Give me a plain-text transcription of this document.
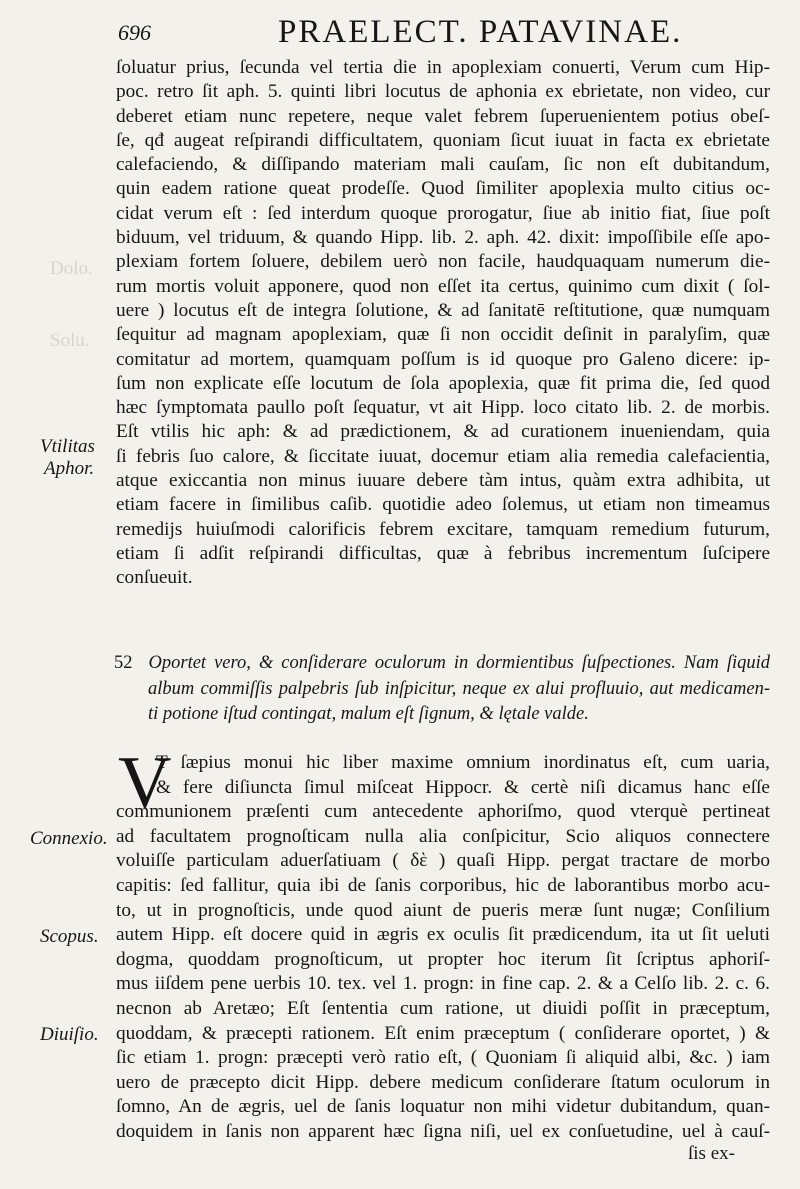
696	PRAELECT. PATAVINAE.
Dolo.
Solu.
ſoluatur prius, ſecunda vel tertia die in apoplexiam conuerti, Verum cum Hip-
poc. retro ſit aph. 5. quinti libri locutus de aphonia ex ebrietate, non video, cur
deberet etiam nunc repetere, neque valet febrem ſuperuenientem potius obeſ-
ſe, qđ augeat reſpirandi difficultatem, quoniam ſicut iuuat in facta ex ebrietate
calefaciendo, & diſſipando materiam mali cauſam, ſic non eſt dubitandum,
quin eadem ratione queat prodeſſe. Quod ſimiliter apoplexia multo citius oc-
cidat verum eſt : ſed interdum quoque prorogatur, ſiue ab initio fiat, ſiue poſt
biduum, vel triduum, & quando Hipp. lib. 2. aph. 42. dixit: impoſſibile eſſe apo-
plexiam fortem ſoluere, debilem uerò non facile, haudquaquam numerum die-
rum mortis voluit apponere, quod non eſſet ita certus, quinimo cum dixit ( ſol-
uere ) locutus eſt de integra ſolutione, & ad ſanitatē reſtitutione, quæ numquam
ſequitur ad magnam apoplexiam, quæ ſi non occidit deſinit in paralyſim, quæ
comitatur ad mortem, quamquam poſſum is id quoque pro Galeno dicere: ip-
ſum non explicate eſſe locutum de ſola apoplexia, quæ fit prima die, ſed quod
hæc ſymptomata paullo poſt ſequatur, vt ait Hipp. loco citato lib. 2. de morbis.
Eſt vtilis hic aph: & ad prædictionem, & ad curationem inueniendam, quia
ſi febris ſuo calore, & ſiccitate iuuat, docemur etiam alia remedia calefacientia,
atque exiccantia non minus iuuare debere tàm intus, quàm extra adhibita, ut
etiam facere in ſimilibus caſib. quotidie adeo ſolemus, ut etiam non timeamus
remedijs huiuſmodi calorificis febrem excitare, tamquam remedium futurum,
etiam ſi adſit reſpirandi difficultas, quæ à febribus incrementum ſuſcipere
conſueuit.
Vtilitas
Aphor.
52 Oportet vero, & conſiderare oculorum in dormientibus ſuſpectiones. Nam ſiquid
album commiſſis palpebris ſub inſpicitur, neque ex alui profluuio, aut medicamen-
ti potione iſtud contingat, malum eſt ſignum, & lętale valde.
V
T ſæpius monui hic liber maxime omnium inordinatus eſt, cum uaria,
& fere diſiuncta ſimul miſceat Hippocr. & certè niſi dicamus hanc eſſe
communionem præſenti cum antecedente aphoriſmo, quod vterquè pertineat
ad facultatem prognoſticam nulla alia conſpicitur, Scio aliquos connectere
voluiſſe particulam aduerſatiuam ( δὲ ) quaſi Hipp. pergat tractare de morbo
capitis: ſed fallitur, quia ibi de ſanis corporibus, hic de laborantibus morbo acu-
to, ut in prognoſticis, unde quod aiunt de pueris meræ ſunt nugæ; Conſilium
autem Hipp. eſt docere quid in ægris ex oculis ſit prædicendum, ita ut ſit ueluti
dogma, quoddam prognoſticum, ut propter hoc iterum ſit ſcriptus aphoriſ-
mus iiſdem pene uerbis 10. tex. vel 1. progn: in fine cap. 2. & a Celſo lib. 2. c. 6.
necnon ab Aretæo; Eſt ſententia cum ratione, ut diuidi poſſit in præceptum,
quoddam, & præcepti rationem. Eſt enim præceptum ( conſiderare oportet, ) &
ſic etiam 1. progn: præcepti verò ratio eſt, ( Quoniam ſi aliquid albi, &c. ) iam
uero de præcepto dicit Hipp. debere medicum conſiderare ſtatum oculorum in
ſomno, An de ægris, uel de ſanis loquatur non mihi videtur dubitandum, quan-
doquidem in ſanis non apparent hæc ſigna niſi, uel ex conſuetudine, uel à cauſ-
Connexio.
Scopus.
Diuiſio.
ſis ex-
